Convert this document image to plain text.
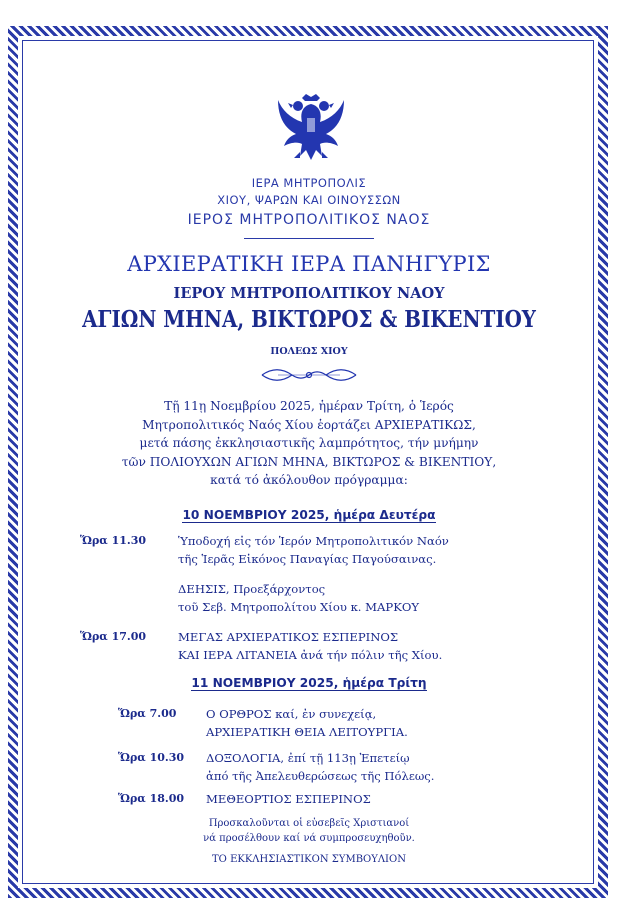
ΙΕΡΑ ΜΗΤΡΟΠΟΛΙΣ
ΧΙΟΥ, ΨΑΡΩΝ ΚΑΙ ΟΙΝΟΥΣΣΩΝ
ΙΕΡΟΣ ΜΗΤΡΟΠΟΛΙΤΙΚΟΣ ΝΑΟΣ
ΑΡΧΙΕΡΑΤΙΚΗ ΙΕΡΑ ΠΑΝΗΓΥΡΙΣ
ΙΕΡΟΥ ΜΗΤΡΟΠΟΛΙΤΙΚΟΥ ΝΑΟΥ
ΑΓΙΩΝ ΜΗΝΑ, ΒΙΚΤΩΡΟΣ & ΒΙΚΕΝΤΙΟΥ
ΠΟΛΕΩΣ ΧΙΟΥ
Τῇ 11ῃ Νοεμβρίου 2025, ἡμέραν Τρίτη, ὁ Ἱερός
Μητροπολιτικός Ναός Χίου ἑορτάζει ΑΡΧΙΕΡΑΤΙΚΩΣ,
μετά πάσης ἐκκλησιαστικῆς λαμπρότητος, τήν μνήμην
τῶν ΠΟΛΙΟΥΧΩΝ ΑΓΙΩΝ ΜΗΝΑ, ΒΙΚΤΩΡΟΣ & ΒΙΚΕΝΤΙΟΥ,
κατά τό ἀκόλουθον πρόγραμμα:
10 ΝΟΕΜΒΡΙΟΥ 2025, ἡμέρα Δευτέρα
Ὥρα 11.30	Ὑποδοχή εἰς τόν Ἱερόν Μητροπολιτικόν Ναόν
τῆς Ἱερᾶς Εἰκόνος Παναγίας Παγούσαινας.
ΔΕΗΣΙΣ, Προεξάρχοντος
τοῦ Σεβ. Μητροπολίτου Χίου κ. ΜΑΡΚΟΥ
Ὥρα 17.00	ΜΕΓΑΣ ΑΡΧΙΕΡΑΤΙΚΟΣ ΕΣΠΕΡΙΝΟΣ
ΚΑΙ ΙΕΡΑ ΛΙΤΑΝΕΙΑ ἀνά τήν πόλιν τῆς Χίου.
11 ΝΟΕΜΒΡΙΟΥ 2025, ἡμέρα Τρίτη
Ὥρα 7.00	Ο ΟΡΘΡΟΣ καί, ἐν συνεχείᾳ,
ΑΡΧΙΕΡΑΤΙΚΗ ΘΕΙΑ ΛΕΙΤΟΥΡΓΙΑ.
Ὥρα 10.30 ΔΟΞΟΛΟΓΙΑ, ἐπί τῇ 113ῃ Ἐπετείῳ
ἀπό τῆς Ἀπελευθερώσεως τῆς Πόλεως.
Ὥρα 18.00 ΜΕΘΕΟΡΤΙΟΣ ΕΣΠΕΡΙΝΟΣ
Προσκαλοῦνται οἱ εὐσεβεῖς Χριστιανοί
νά προσέλθουν καί νά συμπροσευχηθοῦν.
ΤΟ ΕΚΚΛΗΣΙΑΣΤΙΚΟΝ ΣΥΜΒΟΥΛΙΟΝ
